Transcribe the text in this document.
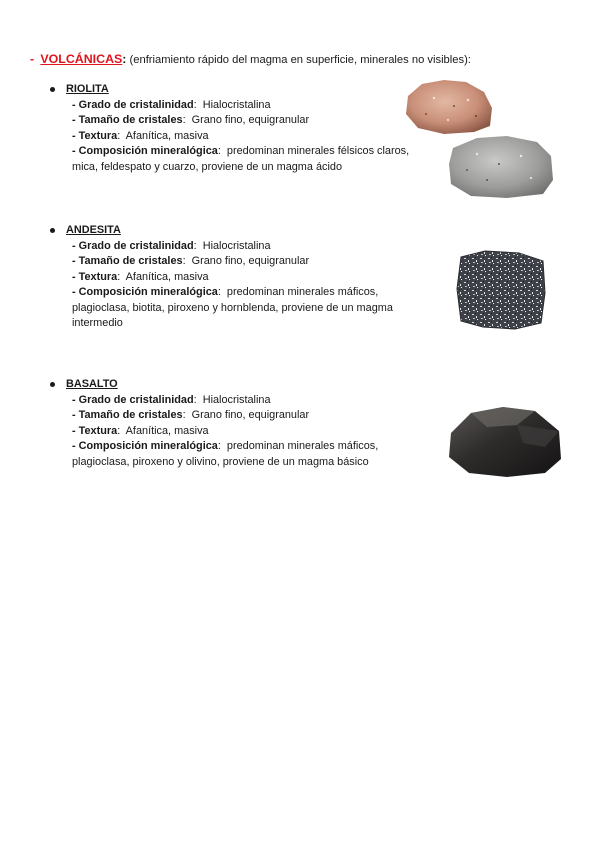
- VOLCÁNICAS: (enfriamiento rápido del magma en superficie, minerales no visibles):
RIOLITA
- Grado de cristalinidad:  Hialocristalina
- Tamaño de cristales:  Grano fino, equigranular
- Textura:  Afanítica, masiva
- Composición mineralógica:  predominan minerales félsicos claros, mica, feldespato y cuarzo, proviene de un magma ácido
ANDESITA
- Grado de cristalinidad:  Hialocristalina
- Tamaño de cristales:  Grano fino, equigranular
- Textura:  Afanítica, masiva
- Composición mineralógica:  predominan minerales máficos, plagioclasa, biotita, piroxeno y hornblenda, proviene de un magma intermedio
BASALTO
- Grado de cristalinidad:  Hialocristalina
- Tamaño de cristales:  Grano fino, equigranular
- Textura:  Afanítica, masiva
- Composición mineralógica:  predominan minerales máficos, plagioclasa, piroxeno y olivino, proviene de un magma básico
